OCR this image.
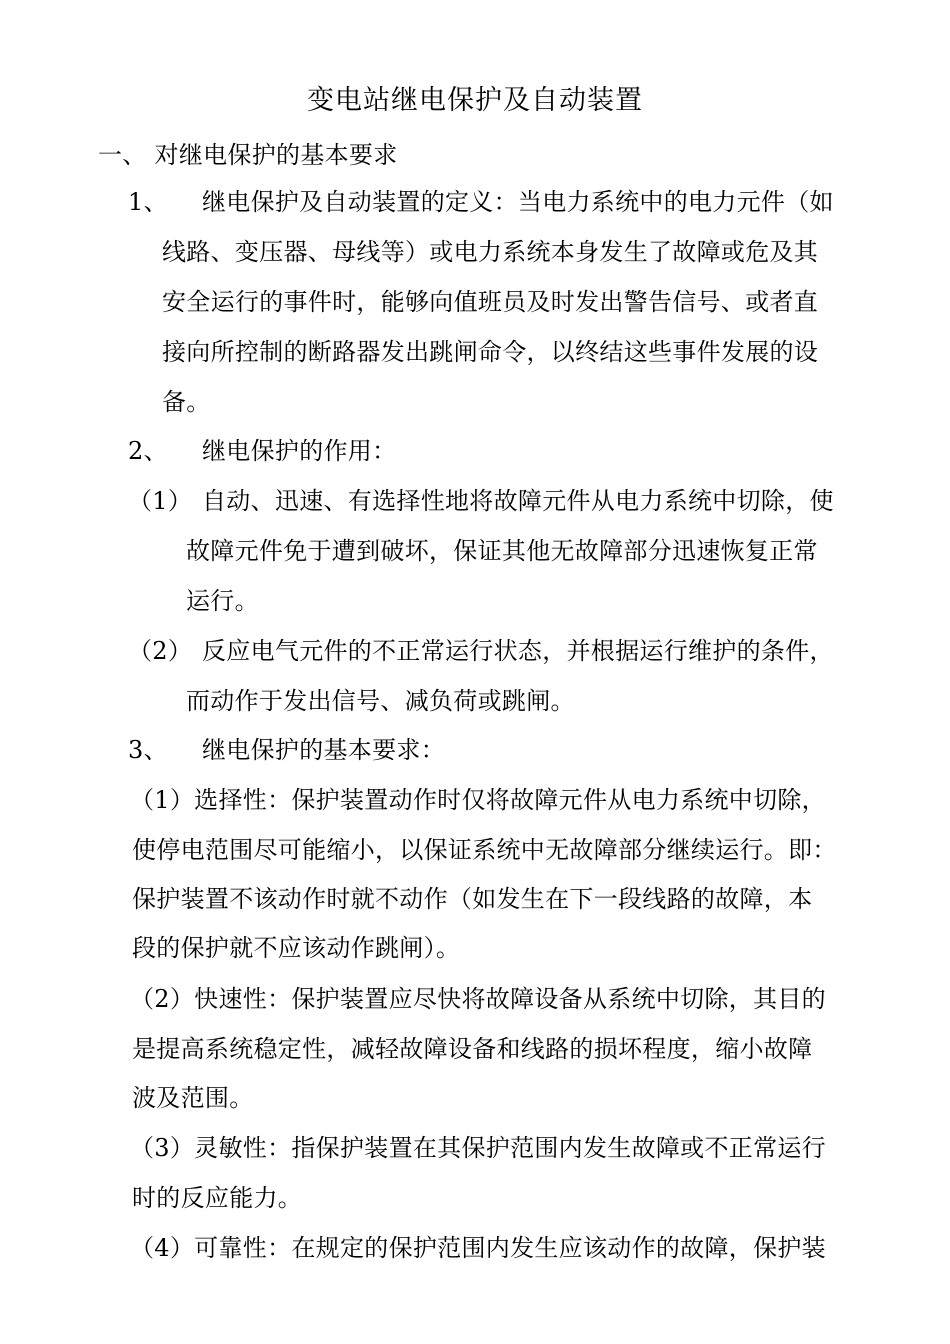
变电站继电保护及自动装置
一、 对继电保护的基本要求
1、 继电保护及自动装置的定义：当电力系统中的电力元件（如
线路、变压器、母线等）或电力系统本身发生了故障或危及其
安全运行的事件时，能够向值班员及时发出警告信号、或者直
接向所控制的断路器发出跳闸命令，以终结这些事件发展的设
备。
2、 继电保护的作用：
（1） 自动、迅速、有选择性地将故障元件从电力系统中切除，使
故障元件免于遭到破坏，保证其他无故障部分迅速恢复正常
运行。
（2） 反应电气元件的不正常运行状态，并根据运行维护的条件，
而动作于发出信号、减负荷或跳闸。
3、 继电保护的基本要求：
（1）选择性：保护装置动作时仅将故障元件从电力系统中切除，
使停电范围尽可能缩小，以保证系统中无故障部分继续运行。即：
保护装置不该动作时就不动作（如发生在下一段线路的故障，本
段的保护就不应该动作跳闸）。
（2）快速性：保护装置应尽快将故障设备从系统中切除，其目的
是提高系统稳定性，减轻故障设备和线路的损坏程度，缩小故障
波及范围。
（3）灵敏性：指保护装置在其保护范围内发生故障或不正常运行
时的反应能力。
（4）可靠性：在规定的保护范围内发生应该动作的故障，保护装
